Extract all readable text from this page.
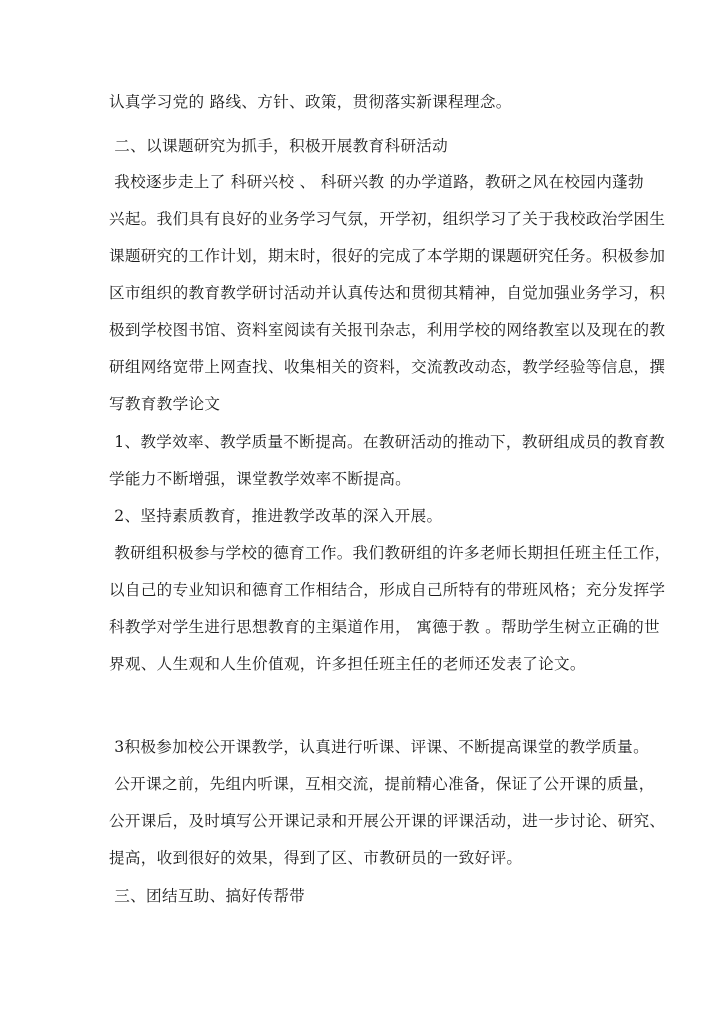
认真学习党的 路线、方针、政策，贯彻落实新课程理念。
二、以课题研究为抓手，积极开展教育科研活动
我校逐步走上了 科研兴校 、 科研兴教 的办学道路，教研之风在校园内蓬勃
兴起。我们具有良好的业务学习气氛，开学初，组织学习了关于我校政治学困生
课题研究的工作计划，期末时，很好的完成了本学期的课题研究任务。积极参加
区市组织的教育教学研讨活动并认真传达和贯彻其精神，自觉加强业务学习，积
极到学校图书馆、资料室阅读有关报刊杂志，利用学校的网络教室以及现在的教
研组网络宽带上网查找、收集相关的资料，交流教改动态，教学经验等信息，撰
写教育教学论文
1、教学效率、教学质量不断提高。在教研活动的推动下，教研组成员的教育教
学能力不断增强，课堂教学效率不断提高。
2、坚持素质教育，推进教学改革的深入开展。
教研组积极参与学校的德育工作。我们教研组的许多老师长期担任班主任工作，
以自己的专业知识和德育工作相结合，形成自己所特有的带班风格；充分发挥学
科教学对学生进行思想教育的主渠道作用， 寓德于教 。帮助学生树立正确的世
界观、人生观和人生价值观，许多担任班主任的老师还发表了论文。
3积极参加校公开课教学，认真进行听课、评课、不断提高课堂的教学质量。
公开课之前，先组内听课，互相交流，提前精心准备，保证了公开课的质量，
公开课后，及时填写公开课记录和开展公开课的评课活动，进一步讨论、研究、
提高，收到很好的效果，得到了区、市教研员的一致好评。
三、团结互助、搞好传帮带
